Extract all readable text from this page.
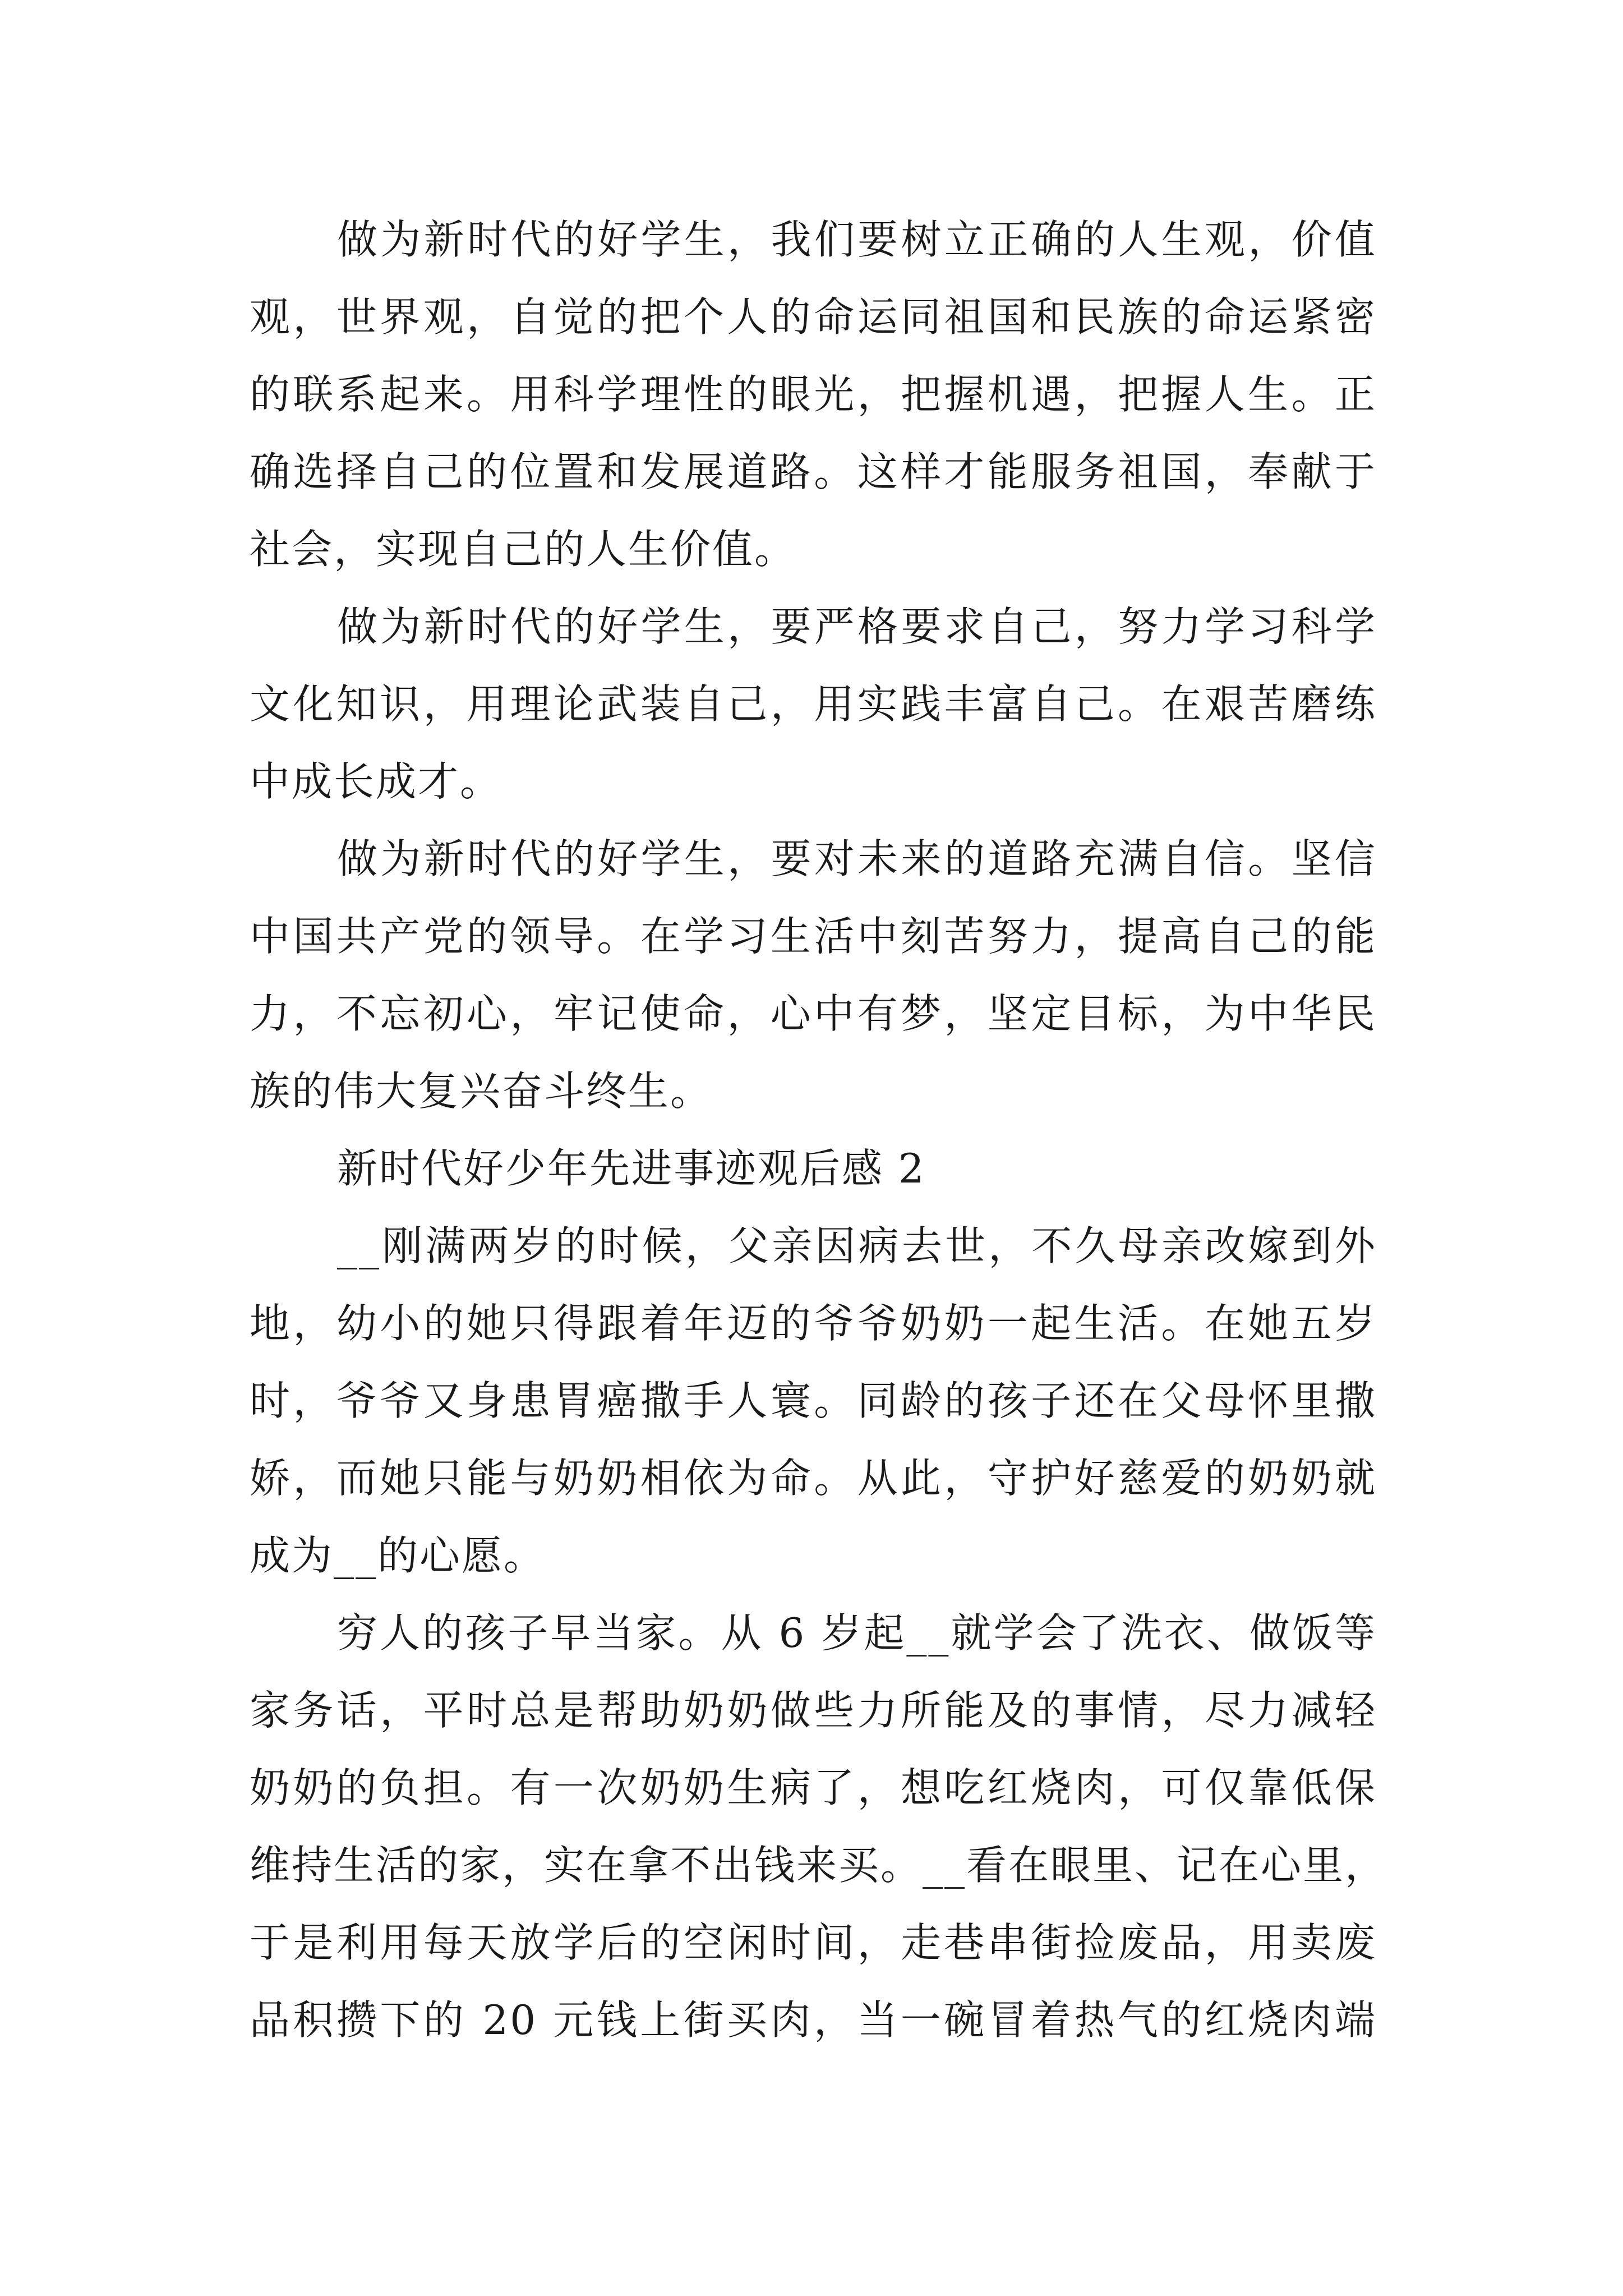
做为新时代的好学生，我们要树立正确的人生观，价值
观，世界观，自觉的把个人的命运同祖国和民族的命运紧密
的联系起来。用科学理性的眼光，把握机遇，把握人生。正
确选择自己的位置和发展道路。这样才能服务祖国，奉献于
社会，实现自己的人生价值。
做为新时代的好学生，要严格要求自己，努力学习科学
文化知识，用理论武装自己，用实践丰富自己。在艰苦磨练
中成长成才。
做为新时代的好学生，要对未来的道路充满自信。坚信
中国共产党的领导。在学习生活中刻苦努力，提高自己的能
力，不忘初心，牢记使命，心中有梦，坚定目标，为中华民
族的伟大复兴奋斗终生。
新时代好少年先进事迹观后感 2
__刚满两岁的时候，父亲因病去世，不久母亲改嫁到外
地，幼小的她只得跟着年迈的爷爷奶奶一起生活。在她五岁
时，爷爷又身患胃癌撒手人寰。同龄的孩子还在父母怀里撒
娇，而她只能与奶奶相依为命。从此，守护好慈爱的奶奶就
成为__的心愿。
穷人的孩子早当家。从 6 岁起__就学会了洗衣、做饭等
家务话，平时总是帮助奶奶做些力所能及的事情，尽力减轻
奶奶的负担。有一次奶奶生病了，想吃红烧肉，可仅靠低保
维持生活的家，实在拿不出钱来买。__看在眼里、记在心里，
于是利用每天放学后的空闲时间，走巷串街捡废品，用卖废
品积攒下的 20 元钱上街买肉，当一碗冒着热气的红烧肉端
